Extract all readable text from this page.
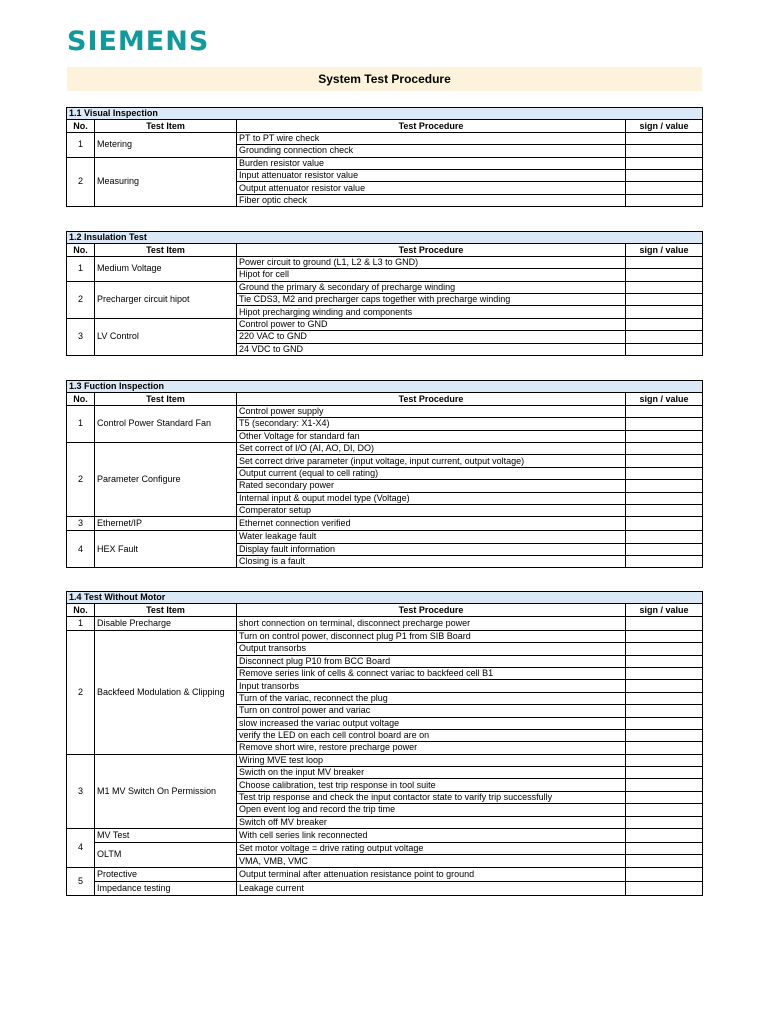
SIEMENS
System Test Procedure
1.1 Visual Inspection			
No.	Test Item	Test Procedure	sign / value
1	Metering	PT to PT wire check	
		Grounding connection check	
2	Measuring	Burden resistor value	
		Input attenuator resistor value	
		Output attenuator resistor value	
		Fiber optic check	
1.2 Insulation Test			
No.	Test Item	Test Procedure	sign / value
1	Medium Voltage	Power circuit to ground (L1, L2 & L3 to GND)	
		Hipot for cell	
2	Precharger circuit hipot	Ground the primary & secondary of precharge winding	
		Tie CDS3, M2 and precharger caps together with precharge winding	
		Hipot precharging winding and components	
3	LV Control	Control power to GND	
		220 VAC to GND	
		24 VDC to GND	
1.3 Fuction Inspection			
No.	Test Item	Test Procedure	sign / value
1	Control Power Standard Fan	Control power supply	
		T5 (secondary: X1-X4)	
		Other Voltage for standard fan	
2	Parameter Configure	Set correct of I/O (AI, AO, DI, DO)	
		Set correct drive parameter (input voltage, input current, output voltage)	
		Output current (equal to cell rating)	
		Rated secondary power	
		Internal input & ouput model type (Voltage)	
		Comperator setup	
3	Ethernet/IP	Ethernet connection verified	
4	HEX Fault	Water leakage fault	
		Display fault information	
		Closing is a fault	
1.4 Test Without Motor			
No.	Test Item	Test Procedure	sign / value
1	Disable Precharge	short connection on terminal, disconnect precharge power	
2	Backfeed Modulation & Clipping	Turn on control power, disconnect plug P1 from SIB Board	
		Output transorbs	
		Disconnect plug P10 from BCC Board	
		Remove series link of cells & connect variac to backfeed cell B1	
		Input transorbs	
		Turn of the variac, reconnect the plug	
		Turn on control power and variac	
		slow increased the variac output voltage	
		verify the LED on each cell control board are on	
		Remove short wire, restore precharge power	
3	M1 MV Switch On Permission	Wiring MVE test loop	
		Swicth on the input MV breaker	
		Choose calibration, test trip response in tool suite	
		Test trip response and check the input contactor state to varify trip successfully	
		Open event log and record the trip time	
		Switch off MV breaker	
4	MV Test	With cell series link reconnected	
	OLTM	Set motor voltage = drive rating output voltage	
		VMA, VMB, VMC	
5	Protective	Output terminal after attenuation resistance point to ground	
	Impedance testing	Leakage current	
